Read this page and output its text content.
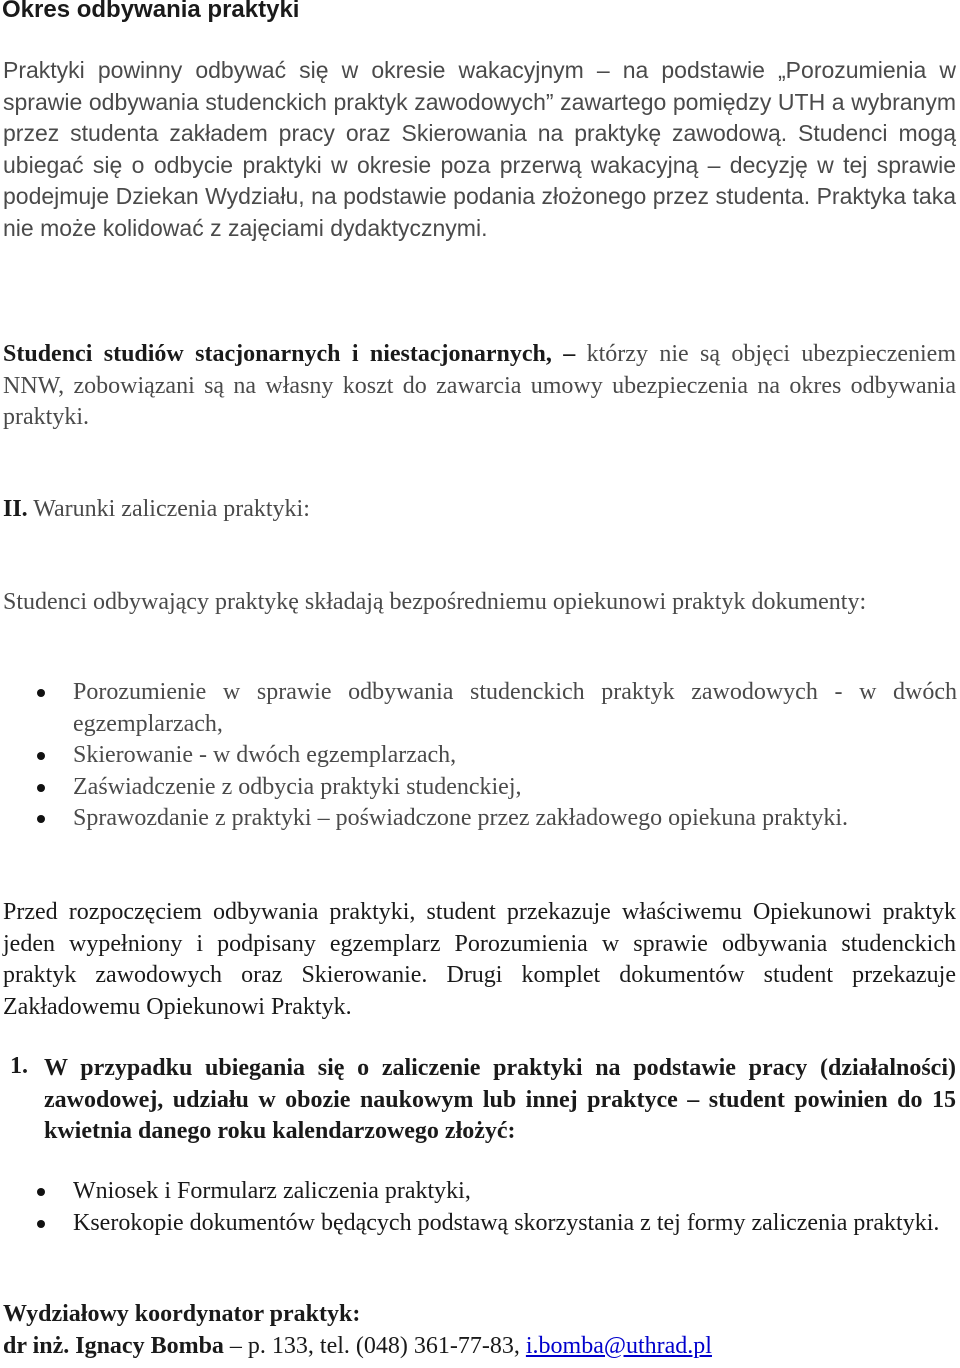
Okres odbywania praktyki
Praktyki powinny odbywać się w okresie wakacyjnym – na podstawie „Porozumienia w sprawie odbywania studenckich praktyk zawodowych” zawartego pomiędzy UTH a wybranym przez studenta zakładem pracy oraz Skierowania na praktykę zawodową. Studenci mogą ubiegać się o odbycie praktyki w okresie poza przerwą wakacyjną – decyzję w tej sprawie podejmuje Dziekan Wydziału, na podstawie podania złożonego przez studenta. Praktyka taka nie może kolidować z zajęciami dydaktycznymi.
Studenci studiów stacjonarnych i niestacjonarnych, – którzy nie są objęci ubezpieczeniem NNW, zobowiązani są na własny koszt do zawarcia umowy ubezpieczenia na okres odbywania praktyki.
II. Warunki zaliczenia praktyki:
Studenci odbywający praktykę składają bezpośredniemu opiekunowi praktyk dokumenty:
Porozumienie w sprawie odbywania studenckich praktyk zawodowych - w dwóch egzemplarzach,
Skierowanie - w dwóch egzemplarzach,
Zaświadczenie z odbycia praktyki studenckiej,
Sprawozdanie z praktyki – poświadczone przez zakładowego opiekuna praktyki.
Przed rozpoczęciem odbywania praktyki, student przekazuje właściwemu Opiekunowi praktyk jeden wypełniony i podpisany egzemplarz Porozumienia w sprawie odbywania studenckich praktyk zawodowych oraz Skierowanie. Drugi komplet dokumentów student przekazuje Zakładowemu Opiekunowi Praktyk.
1. W przypadku ubiegania się o zaliczenie praktyki na podstawie pracy (działalności) zawodowej, udziału w obozie naukowym lub innej praktyce – student powinien do 15 kwietnia danego roku kalendarzowego złożyć:
Wniosek i Formularz zaliczenia praktyki,
Kserokopie dokumentów będących podstawą skorzystania z tej formy zaliczenia praktyki.
Wydziałowy koordynator praktyk:
dr inż. Ignacy Bomba – p. 133, tel. (048) 361-77-83, i.bomba@uthrad.pl
